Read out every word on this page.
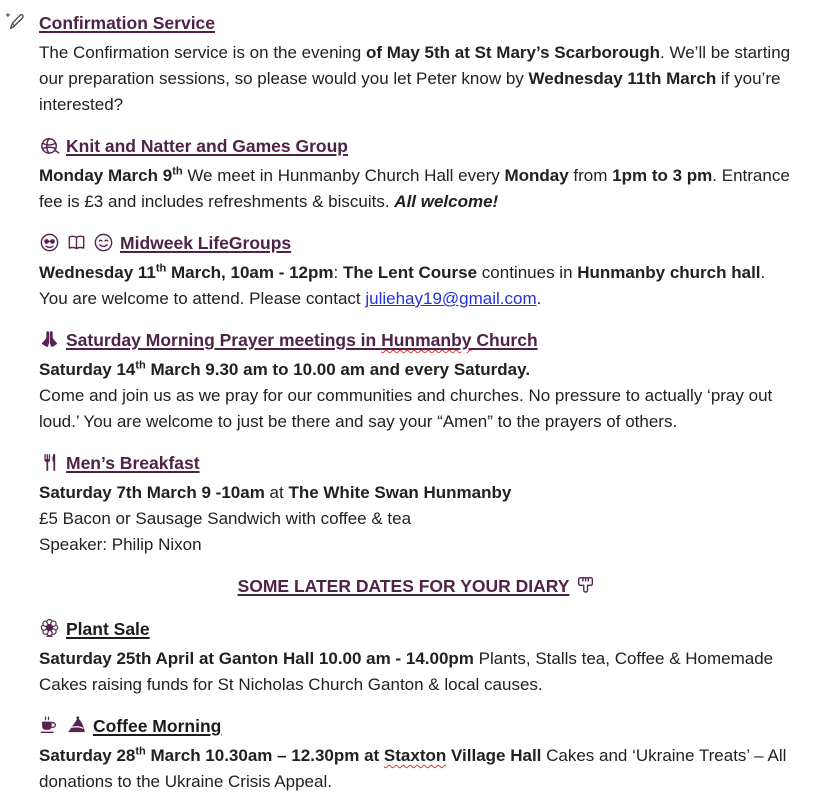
Confirmation Service
The Confirmation service is on the evening of May 5th at St Mary’s Scarborough. We’ll be starting our preparation sessions, so please would you let Peter know by Wednesday 11th March if you’re interested?
Knit and Natter and Games Group
Monday March 9th We meet in Hunmanby Church Hall every Monday from 1pm to 3 pm. Entrance fee is £3 and includes refreshments & biscuits. All welcome!
Midweek LifeGroups
Wednesday 11th March, 10am - 12pm: The Lent Course continues in Hunmanby church hall. You are welcome to attend. Please contact juliehay19@gmail.com.
Saturday Morning Prayer meetings in Hunmanby Church
Saturday 14th March 9.30 am to 10.00 am and every Saturday.
Come and join us as we pray for our communities and churches. No pressure to actually ‘pray out loud.’ You are welcome to just be there and say your “Amen” to the prayers of others.
Men’s Breakfast
Saturday 7th March 9 -10am at The White Swan Hunmanby
£5 Bacon or Sausage Sandwich with coffee & tea
Speaker: Philip Nixon
SOME LATER DATES FOR YOUR DIARY
Plant Sale
Saturday 25th April at Ganton Hall 10.00 am - 14.00pm Plants, Stalls tea, Coffee & Homemade Cakes raising funds for St Nicholas Church Ganton & local causes.
Coffee Morning
Saturday 28th March 10.30am – 12.30pm at Staxton Village Hall Cakes and ‘Ukraine Treats’ – All donations to the Ukraine Crisis Appeal.
